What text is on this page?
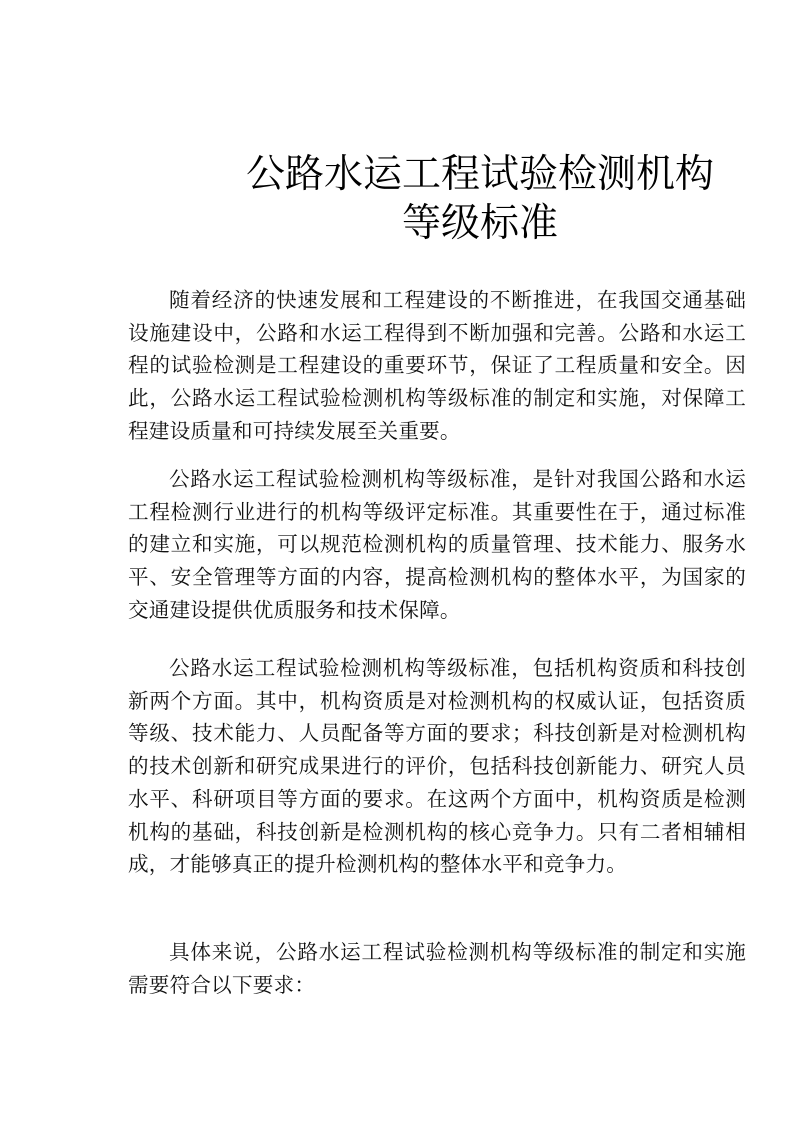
公路水运工程试验检测机构
等级标准

随着经济的快速发展和工程建设的不断推进，在我国交通基础设施建设中，公路和水运工程得到不断加强和完善。公路和水运工程的试验检测是工程建设的重要环节，保证了工程质量和安全。因此，公路水运工程试验检测机构等级标准的制定和实施，对保障工程建设质量和可持续发展至关重要。

公路水运工程试验检测机构等级标准，是针对我国公路和水运工程检测行业进行的机构等级评定标准。其重要性在于，通过标准的建立和实施，可以规范检测机构的质量管理、技术能力、服务水平、安全管理等方面的内容，提高检测机构的整体水平，为国家的交通建设提供优质服务和技术保障。

公路水运工程试验检测机构等级标准，包括机构资质和科技创新两个方面。其中，机构资质是对检测机构的权威认证，包括资质等级、技术能力、人员配备等方面的要求；科技创新是对检测机构的技术创新和研究成果进行的评价，包括科技创新能力、研究人员水平、科研项目等方面的要求。在这两个方面中，机构资质是检测机构的基础，科技创新是检测机构的核心竞争力。只有二者相辅相成，才能够真正的提升检测机构的整体水平和竞争力。

具体来说，公路水运工程试验检测机构等级标准的制定和实施需要符合以下要求：
